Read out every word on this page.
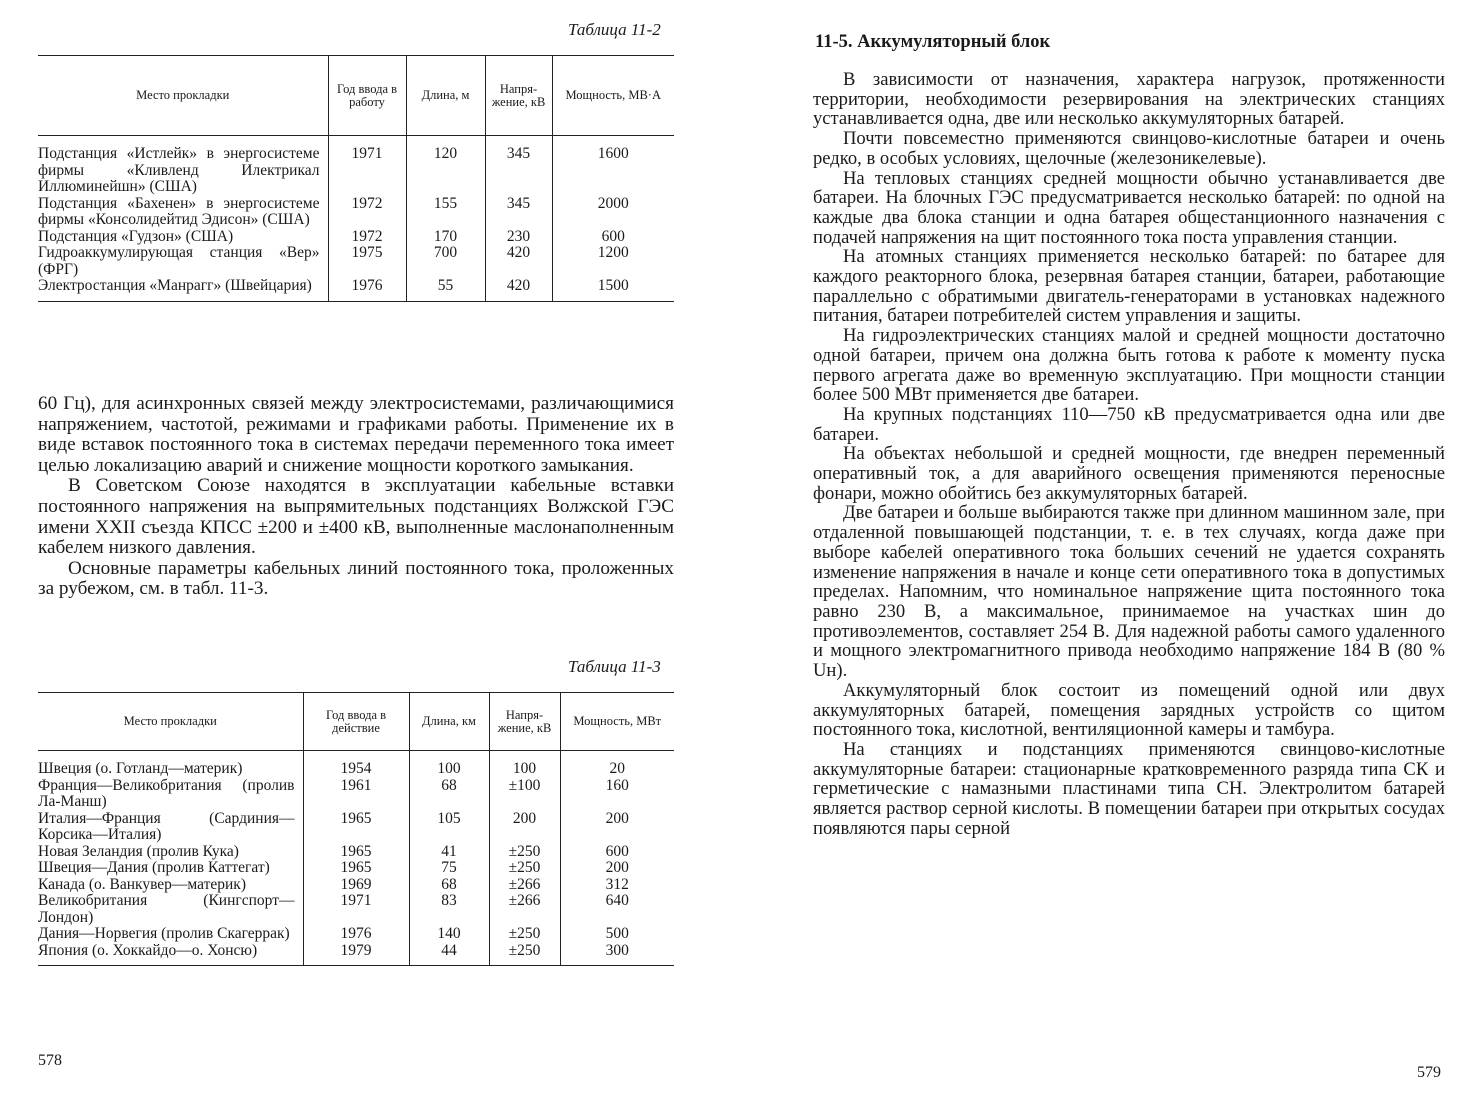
Таблица 11-2
Место прокладки	Год ввода в работу	Длина, м	Напря-жение, кВ	Мощность, МВ·А
Подстанция «Истлейк» в энергосистеме фирмы «Кливленд Илектрикал Иллюминейшн» (США)	1971	120	345	1600
Подстанция «Бахенен» в энергосистеме фирмы «Консолидейтид Эдисон» (США)	1972	155	345	2000
Подстанция «Гудзон» (США)	1972	170	230	600
Гидроаккумулирующая станция «Вер» (ФРГ)	1975	700	420	1200
Электростанция «Манрагг» (Швейцария)	1976	55	420	1500

60 Гц), для асинхронных связей между электросистемами, различающимися напряжением, частотой, режимами и графиками работы. Применение их в виде вставок постоянного тока в системах передачи переменного тока имеет целью локализацию аварий и снижение мощности короткого замыкания.

В Советском Союзе находятся в эксплуатации кабельные вставки постоянного напряжения на выпрямительных подстанциях Волжской ГЭС имени XXII съезда КПСС ±200 и ±400 кВ, выполненные маслонаполненным кабелем низкого давления.

Основные параметры кабельных линий постоянного тока, проложенных за рубежом, см. в табл. 11-3.

Таблица 11-3
Место прокладки	Год ввода в действие	Длина, км	Напря-жение, кВ	Мощность, МВт
Швеция (о. Готланд—материк)	1954	100	100	20
Франция—Великобритания (пролив Ла-Манш)	1961	68	±100	160
Италия—Франция (Сардиния—Корсика—Италия)	1965	105	200	200
Новая Зеландия (пролив Кука)	1965	41	±250	600
Швеция—Дания (пролив Каттегат)	1965	75	±250	200
Канада (о. Ванкувер—материк)	1969	68	±266	312
Великобритания (Кингспорт—Лондон)	1971	83	±266	640
Дания—Норвегия (пролив Скагеррак)	1976	140	±250	500
Япония (о. Хоккайдо—о. Хонсю)	1979	44	±250	300
578
11-5. Аккумуляторный блок

В зависимости от назначения, характера нагрузок, протяженности территории, необходимости резервирования на электрических станциях устанавливается одна, две или несколько аккумуляторных батарей.

Почти повсеместно применяются свинцово-кислотные батареи и очень редко, в особых условиях, щелочные (железоникелевые).

На тепловых станциях средней мощности обычно устанавливается две батареи. На блочных ГЭС предусматривается несколько батарей: по одной на каждые два блока станции и одна батарея общестанционного назначения с подачей напряжения на щит постоянного тока поста управления станции.

На атомных станциях применяется несколько батарей: по батарее для каждого реакторного блока, резервная батарея станции, батареи, работающие параллельно с обратимыми двигатель-генераторами в установках надежного питания, батареи потребителей систем управления и защиты.

На гидроэлектрических станциях малой и средней мощности достаточно одной батареи, причем она должна быть готова к работе к моменту пуска первого агрегата даже во временную эксплуатацию. При мощности станции более 500 МВт применяется две батареи.

На крупных подстанциях 110—750 кВ предусматривается одна или две батареи.

На объектах небольшой и средней мощности, где внедрен переменный оперативный ток, а для аварийного освещения применяются переносные фонари, можно обойтись без аккумуляторных батарей.

Две батареи и больше выбираются также при длинном машинном зале, при отдаленной повышающей подстанции, т. е. в тех случаях, когда даже при выборе кабелей оперативного тока больших сечений не удается сохранять изменение напряжения в начале и конце сети оперативного тока в допустимых пределах. Напомним, что номинальное напряжение щита постоянного тока равно 230 В, а максимальное, принимаемое на участках шин до противоэлементов, составляет 254 В. Для надежной работы самого удаленного и мощного электромагнитного привода необходимо напряжение 184 В (80 % Uн).

Аккумуляторный блок состоит из помещений одной или двух аккумуляторных батарей, помещения зарядных устройств со щитом постоянного тока, кислотной, вентиляционной камеры и тамбура.

На станциях и подстанциях применяются свинцово-кислотные аккумуляторные батареи: стационарные кратковременного разряда типа СК и герметические с намазными пластинами типа СН. Электролитом батарей является раствор серной кислоты. В помещении батареи при открытых сосудах появляются пары серной

579
